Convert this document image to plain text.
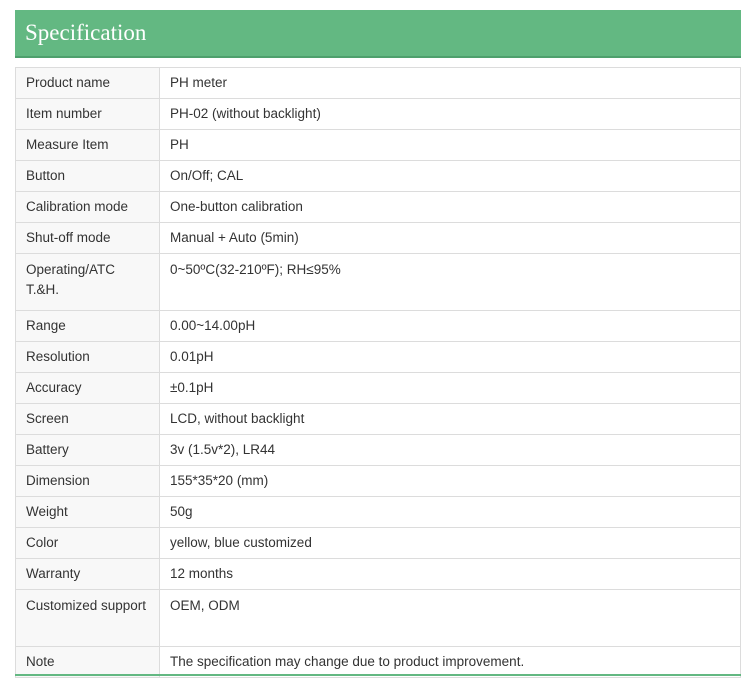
Specification
Product name	PH meter
Item number	PH-02 (without backlight)
Measure Item	PH
Button	On/Off; CAL
Calibration mode	One-button calibration
Shut-off mode	Manual + Auto (5min)
Operating/ATC T.&H.	0~50ºC(32-210ºF); RH≤95%
Range	0.00~14.00pH
Resolution	0.01pH
Accuracy	±0.1pH
Screen	LCD, without backlight
Battery	3v (1.5v*2), LR44
Dimension	155*35*20 (mm)
Weight	50g
Color	yellow, blue customized
Warranty	12 months
Customized support	OEM, ODM
Note	The specification may change due to product improvement.
